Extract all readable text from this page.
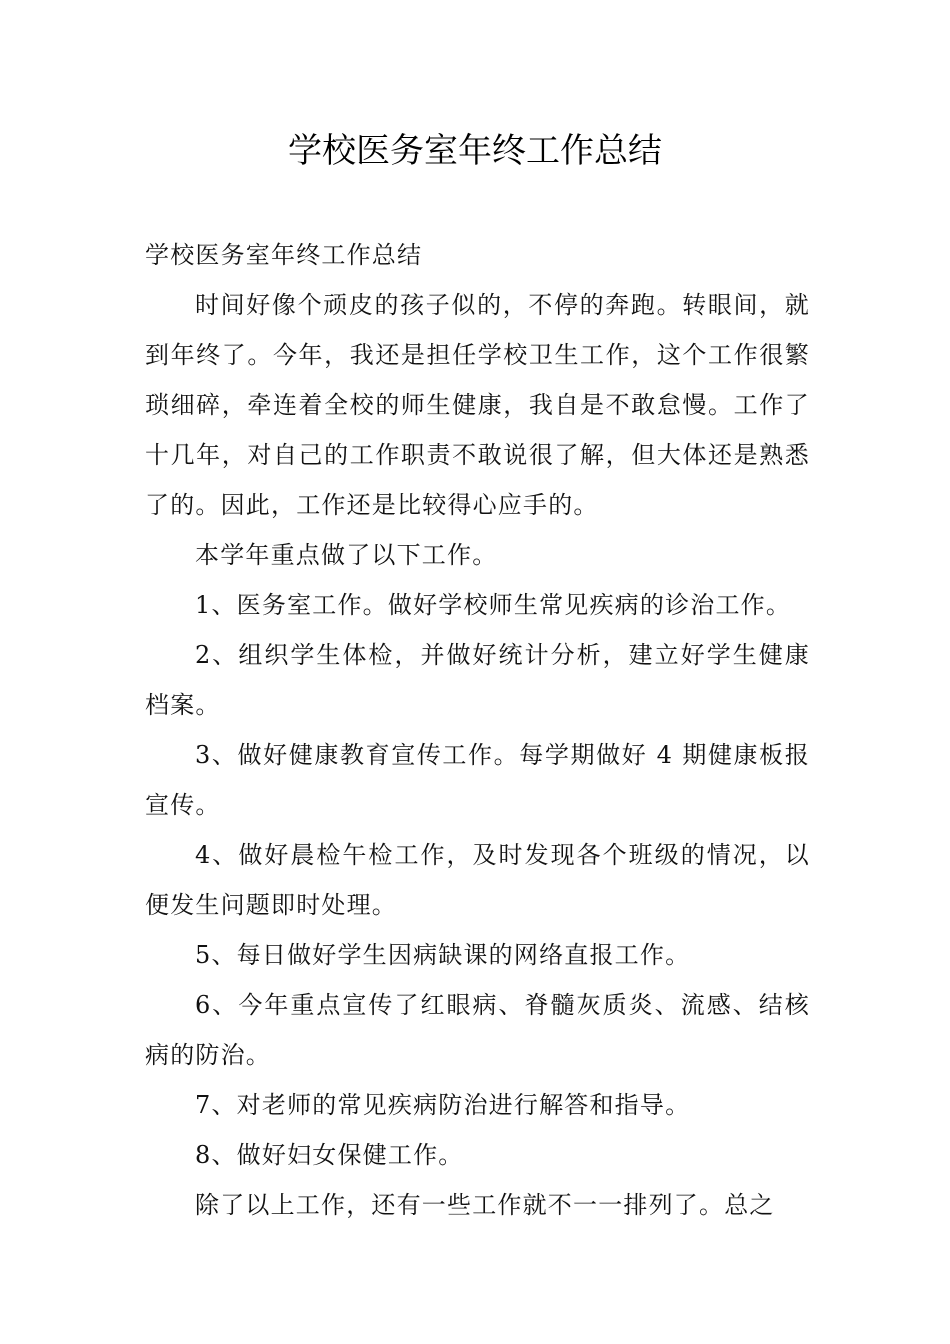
学校医务室年终工作总结

学校医务室年终工作总结

时间好像个顽皮的孩子似的，不停的奔跑。转眼间，就到年终了。今年，我还是担任学校卫生工作，这个工作很繁琐细碎，牵连着全校的师生健康，我自是不敢怠慢。工作了十几年，对自己的工作职责不敢说很了解，但大体还是熟悉了的。因此，工作还是比较得心应手的。

本学年重点做了以下工作。

1、医务室工作。做好学校师生常见疾病的诊治工作。

2、组织学生体检，并做好统计分析，建立好学生健康档案。

3、做好健康教育宣传工作。每学期做好 4 期健康板报宣传。

4、做好晨检午检工作，及时发现各个班级的情况，以便发生问题即时处理。

5、每日做好学生因病缺课的网络直报工作。

6、今年重点宣传了红眼病、脊髓灰质炎、流感、结核病的防治。

7、对老师的常见疾病防治进行解答和指导。

8、做好妇女保健工作。

除了以上工作，还有一些工作就不一一排列了。总之
